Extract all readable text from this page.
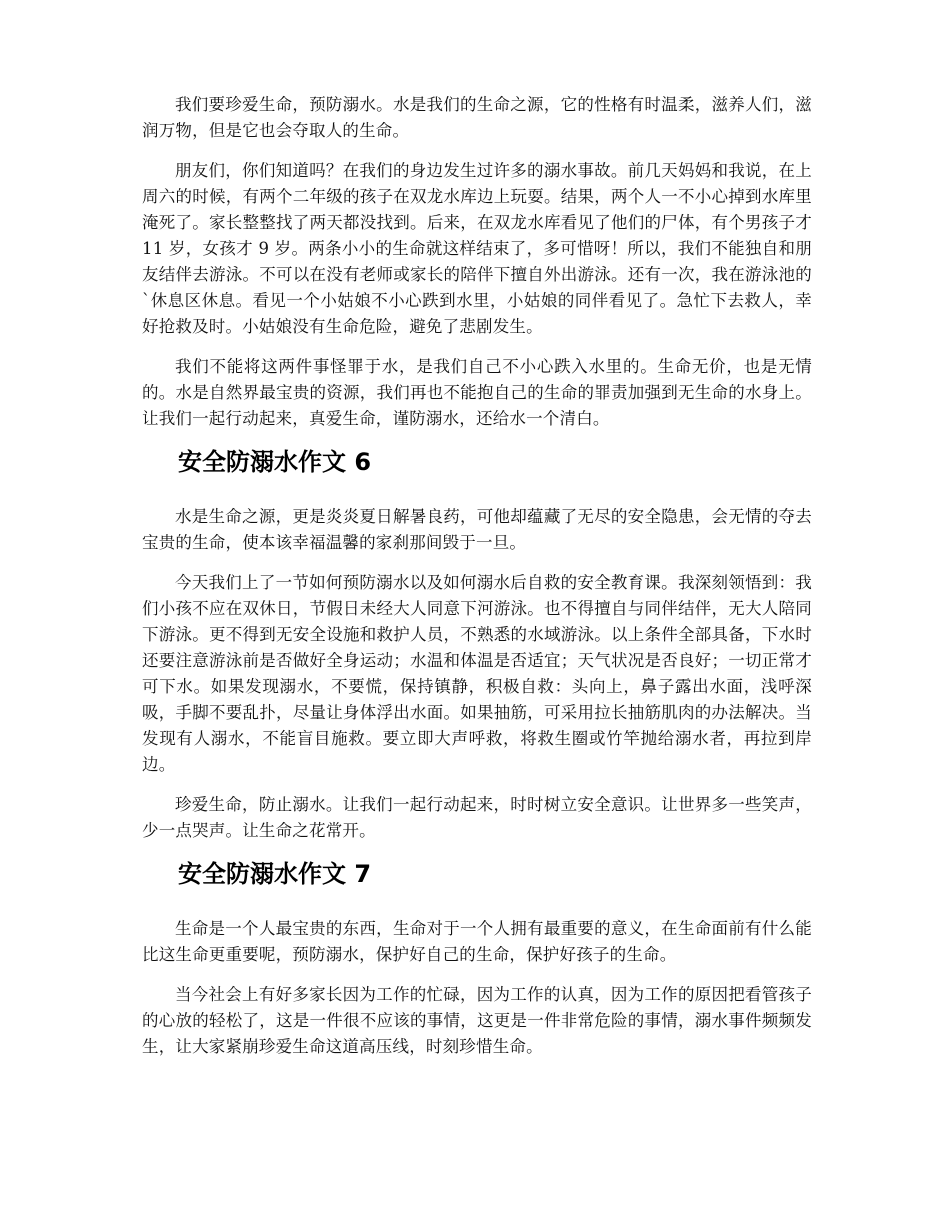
我们要珍爱生命，预防溺水。水是我们的生命之源，它的性格有时温柔，滋养人们，滋润万物，但是它也会夺取人的生命。

朋友们，你们知道吗？在我们的身边发生过许多的溺水事故。前几天妈妈和我说，在上周六的时候，有两个二年级的孩子在双龙水库边上玩耍。结果，两个人一不小心掉到水库里淹死了。家长整整找了两天都没找到。后来，在双龙水库看见了他们的尸体，有个男孩子才 11 岁，女孩才 9 岁。两条小小的生命就这样结束了，多可惜呀！所以，我们不能独自和朋友结伴去游泳。不可以在没有老师或家长的陪伴下擅自外出游泳。还有一次，我在游泳池的`休息区休息。看见一个小姑娘不小心跌到水里，小姑娘的同伴看见了。急忙下去救人，幸好抢救及时。小姑娘没有生命危险，避免了悲剧发生。

我们不能将这两件事怪罪于水，是我们自己不小心跌入水里的。生命无价，也是无情的。水是自然界最宝贵的资源，我们再也不能抱自己的生命的罪责加强到无生命的水身上。让我们一起行动起来，真爱生命，谨防溺水，还给水一个清白。

安全防溺水作文 6

水是生命之源，更是炎炎夏日解暑良药，可他却蕴藏了无尽的安全隐患，会无情的夺去宝贵的生命，使本该幸福温馨的家刹那间毁于一旦。

今天我们上了一节如何预防溺水以及如何溺水后自救的安全教育课。我深刻领悟到：我们小孩不应在双休日，节假日未经大人同意下河游泳。也不得擅自与同伴结伴，无大人陪同下游泳。更不得到无安全设施和救护人员，不熟悉的水域游泳。以上条件全部具备，下水时还要注意游泳前是否做好全身运动；水温和体温是否适宜；天气状况是否良好；一切正常才可下水。如果发现溺水，不要慌，保持镇静，积极自救：头向上，鼻子露出水面，浅呼深吸，手脚不要乱扑，尽量让身体浮出水面。如果抽筋，可采用拉长抽筋肌肉的办法解决。当发现有人溺水，不能盲目施救。要立即大声呼救，将救生圈或竹竿抛给溺水者，再拉到岸边。

珍爱生命，防止溺水。让我们一起行动起来，时时树立安全意识。让世界多一些笑声，少一点哭声。让生命之花常开。

安全防溺水作文 7

生命是一个人最宝贵的东西，生命对于一个人拥有最重要的意义，在生命面前有什么能比这生命更重要呢，预防溺水，保护好自己的生命，保护好孩子的生命。

当今社会上有好多家长因为工作的忙碌，因为工作的认真，因为工作的原因把看管孩子的心放的轻松了，这是一件很不应该的事情，这更是一件非常危险的事情，溺水事件频频发生，让大家紧崩珍爱生命这道高压线，时刻珍惜生命。
